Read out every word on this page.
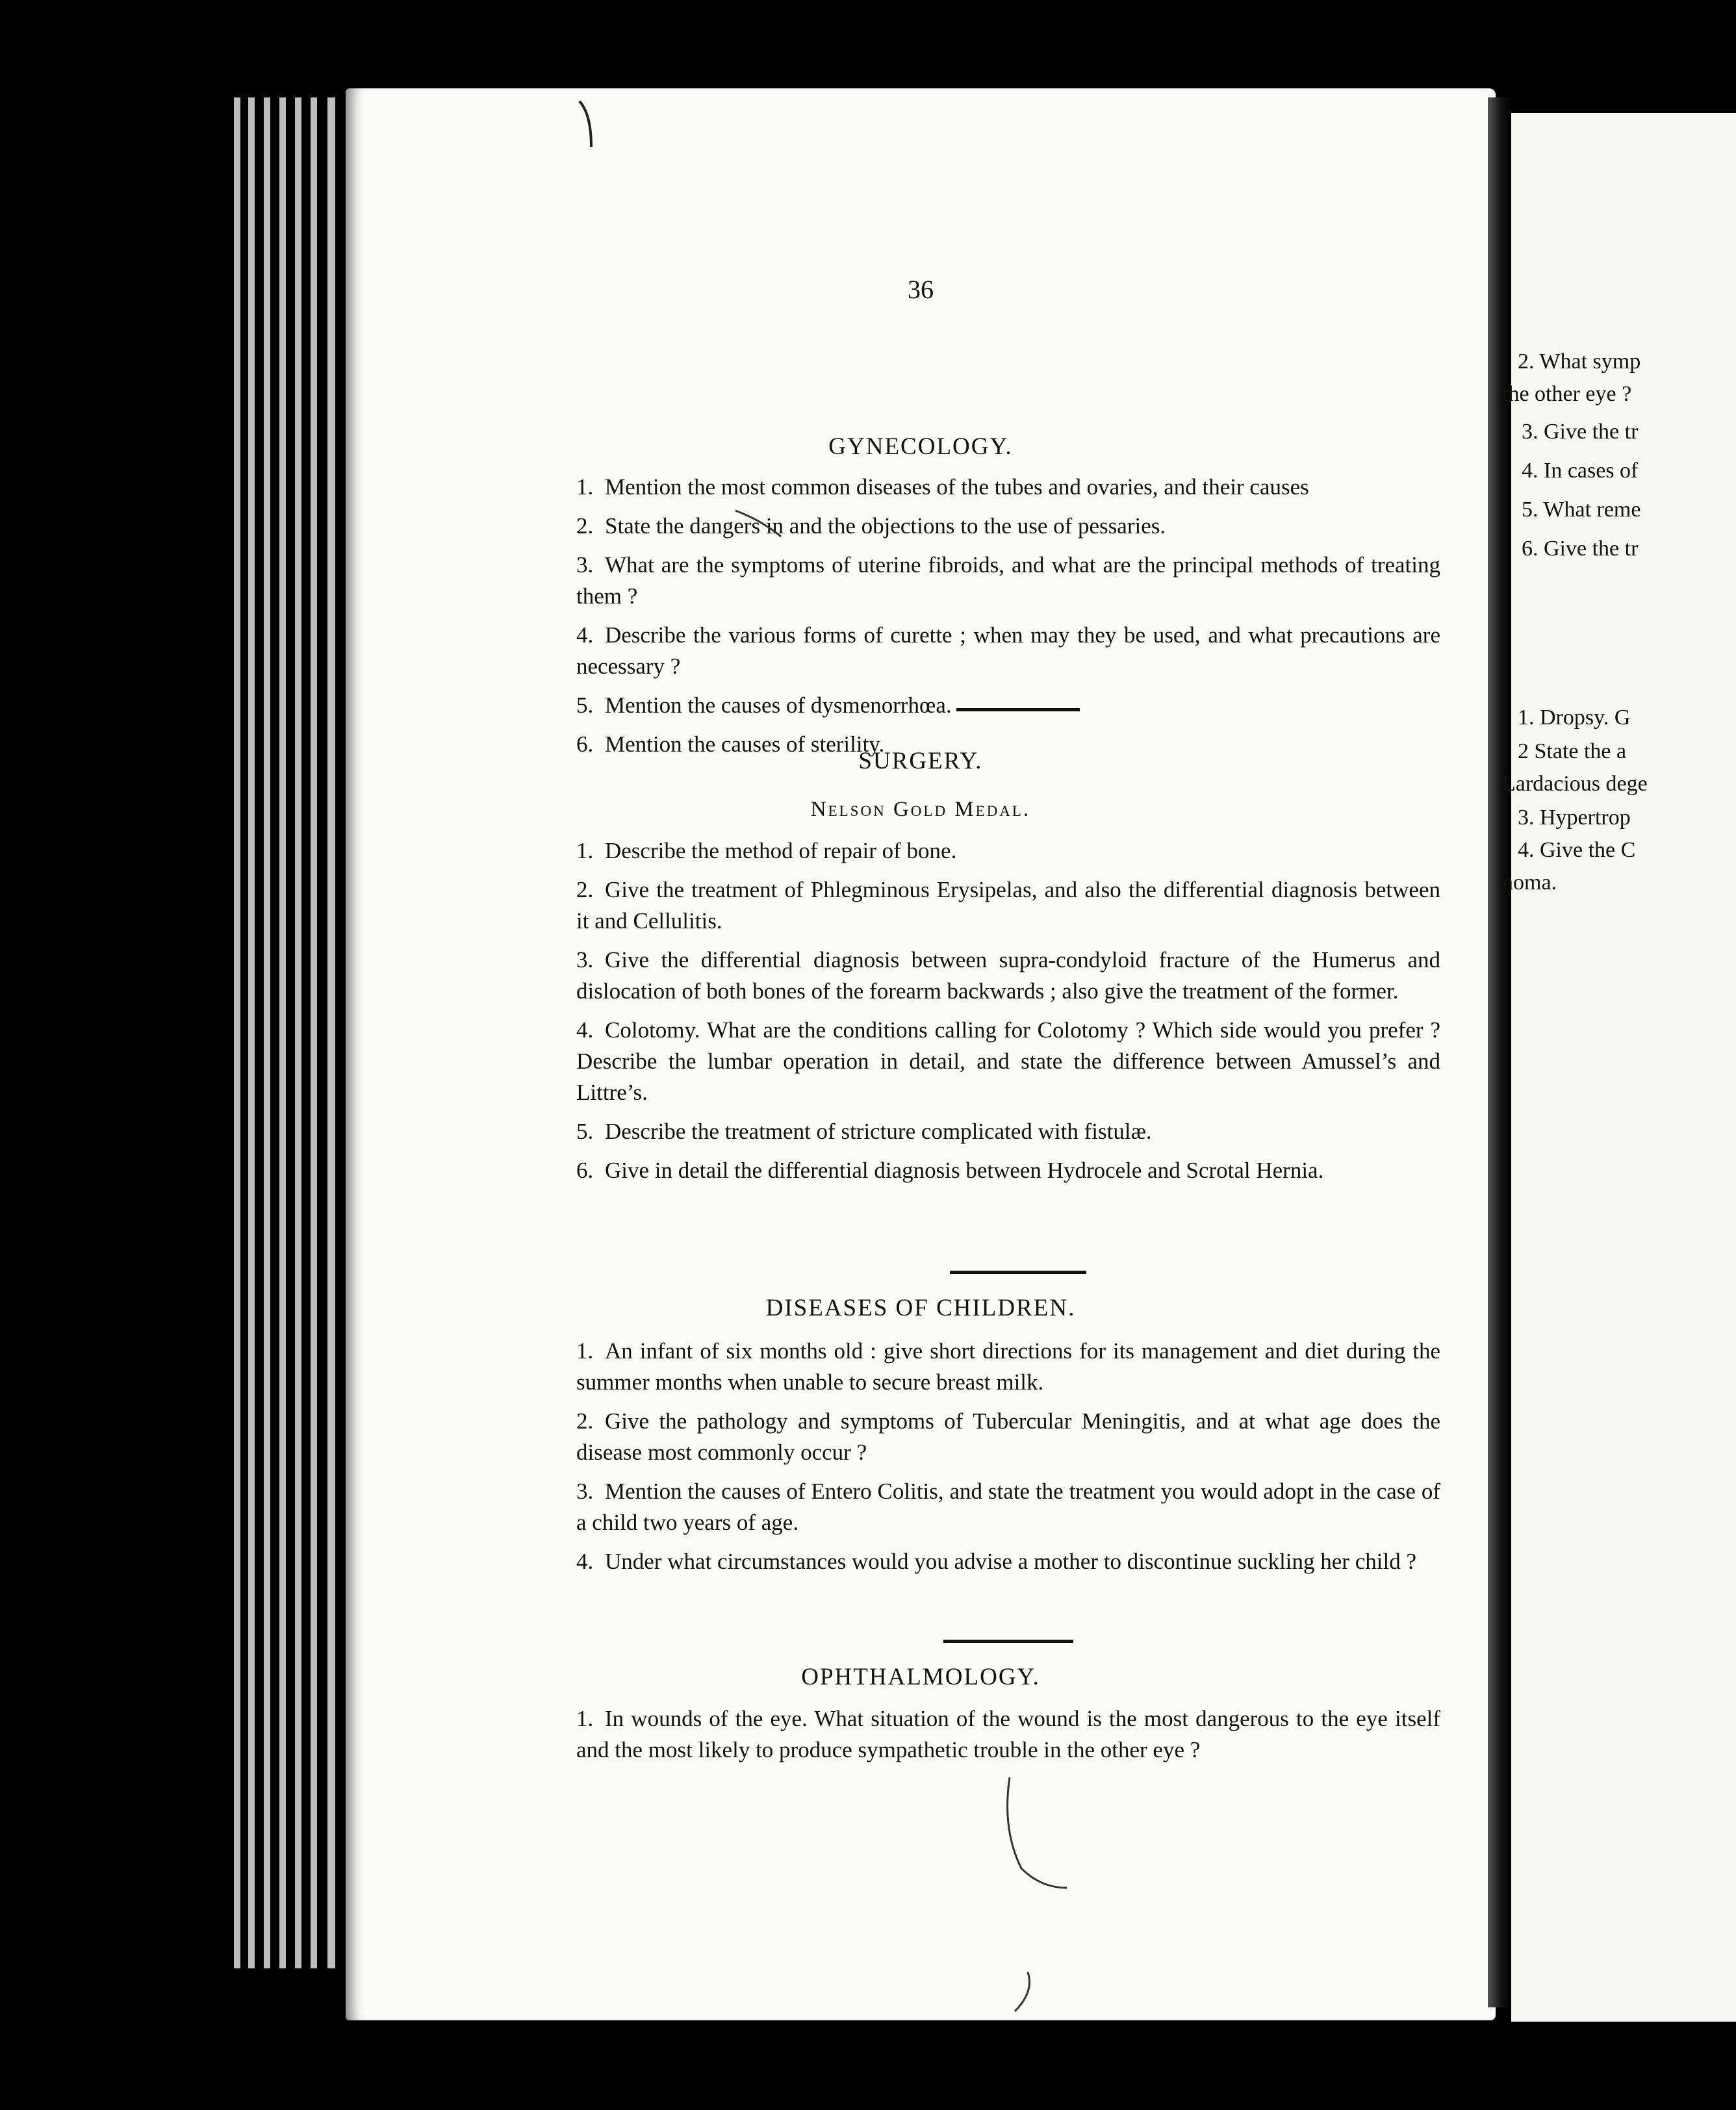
36
GYNECOLOGY.

1. Mention the most common diseases of the tubes and ovaries, and their causes

2. State the dangers in and the objections to the use of pessaries.

3. What are the symptoms of uterine fibroids, and what are the principal methods of treating them ?

4. Describe the various forms of curette ; when may they be used, and what precautions are necessary ?

5. Mention the causes of dysmenorrhœa.

6. Mention the causes of sterility.

SURGERY.
Nelson Gold Medal.

1. Describe the method of repair of bone.

2. Give the treatment of Phlegminous Erysipelas, and also the differential diagnosis between it and Cellulitis.

3. Give the differential diagnosis between supra-condyloid fracture of the Humerus and dislocation of both bones of the forearm backwards ; also give the treatment of the former.

4. Colotomy. What are the conditions calling for Colotomy ? Which side would you prefer ? Describe the lumbar operation in detail, and state the difference between Amussel’s and Littre’s.

5. Describe the treatment of stricture complicated with fistulæ.

6. Give in detail the differential diagnosis between Hydrocele and Scrotal Hernia.

DISEASES OF CHILDREN.

1. An infant of six months old : give short directions for its management and diet during the summer months when unable to secure breast milk.

2. Give the pathology and symptoms of Tubercular Meningitis, and at what age does the disease most commonly occur ?

3. Mention the causes of Entero Colitis, and state the treatment you would adopt in the case of a child two years of age.

4. Under what circumstances would you advise a mother to discontinue suckling her child ?

OPHTHALMOLOGY.

1. In wounds of the eye. What situation of the wound is the most dangerous to the eye itself and the most likely to produce sympathetic trouble in the other eye ?

2. What symp
the other eye ?
3. Give the tr
4. In cases of
5. What reme
6. Give the tr
1. Dropsy. G
2 State the a
Lardacious dege
3. Hypertrop
4. Give the C
noma.
